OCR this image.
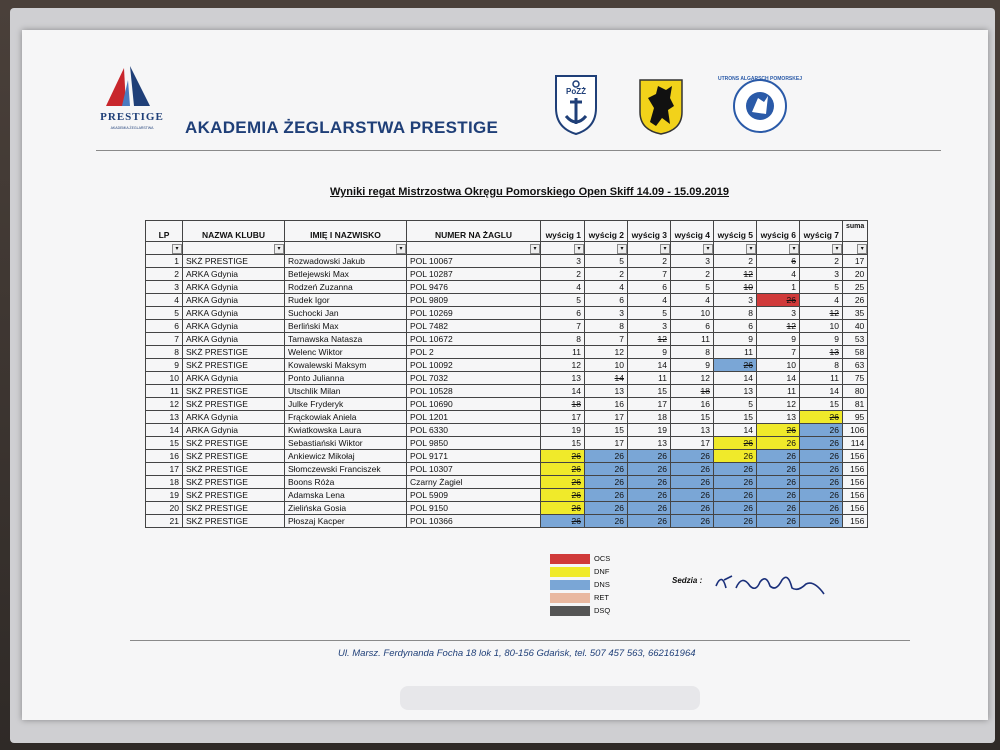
PRESTIGE
AKADEMIA ŻEGLARSTWA AKADEMIA ŻEGLARSTWA PRESTIGE
PoZŻ
UTRONS ALGARSCH POMORSKEJ
Wyniki regat Mistrzostwa Okręgu Pomorskiego Open Skiff 14.09 - 15.09.2019
LP	NAZWA KLUBU	IMIĘ I NAZWISKO	NUMER NA ŻAGLU	wyścig 1	wyścig 2	wyścig 3	wyścig 4	wyścig 5	wyścig 6	wyścig 7	suma
▾	▾	▾	▾	▾	▾	▾	▾	▾	▾	▾	▾
1	SKŻ PRESTIGE	Rozwadowski Jakub	POL 10067	3	5	2	3	2	6	2	17
2	ARKA Gdynia	Betlejewski Max	POL 10287	2	2	7	2	12	4	3	20
3	ARKA Gdynia	Rodzeń Zuzanna	POL 9476	4	4	6	5	10	1	5	25
4	ARKA Gdynia	Rudek Igor	POL 9809	5	6	4	4	3	26	4	26
5	ARKA Gdynia	Suchocki Jan	POL 10269	6	3	5	10	8	3	12	35
6	ARKA Gdynia	Berliński Max	POL 7482	7	8	3	6	6	12	10	40
7	ARKA Gdynia	Tarnawska Natasza	POL 10672	8	7	12	11	9	9	9	53
8	SKŻ PRESTIGE	Welenc Wiktor	POL 2	11	12	9	8	11	7	13	58
9	SKŻ PRESTIGE	Kowalewski Maksym	POL 10092	12	10	14	9	26	10	8	63
10	ARKA Gdynia	Ponto Julianna	POL 7032	13	14	11	12	14	14	11	75
11	SKŻ PRESTIGE	Utschlik Milan	POL 10528	14	13	15	18	13	11	14	80
12	SKŻ PRESTIGE	Julke Fryderyk	POL 10690	18	16	17	16	5	12	15	81
13	ARKA Gdynia	Frąckowiak Aniela	POL 1201	17	17	18	15	15	13	26	95
14	ARKA Gdynia	Kwiatkowska Laura	POL 6330	19	15	19	13	14	26	26	106
15	SKŻ PRESTIGE	Sebastiański Wiktor	POL 9850	15	17	13	17	26	26	26	114
16	SKŻ PRESTIGE	Ankiewicz Mikołaj	POL 9171	26	26	26	26	26	26	26	156
17	SKŻ PRESTIGE	Słomczewski Franciszek	POL 10307	26	26	26	26	26	26	26	156
18	SKŻ PRESTIGE	Boons Róża	Czarny Żagiel	26	26	26	26	26	26	26	156
19	SKŻ PRESTIGE	Adamska Lena	POL 5909	26	26	26	26	26	26	26	156
20	SKŻ PRESTIGE	Zielińska Gosia	POL 9150	26	26	26	26	26	26	26	156
21	SKŻ PRESTIGE	Płoszaj Kacper	POL 10366	26	26	26	26	26	26	26	156
OCS
DNF
DNS
RET
DSQ
Sedzia :
Ul. Marsz. Ferdynanda Focha 18 lok 1, 80-156 Gdańsk, tel. 507 457 563, 662161964
